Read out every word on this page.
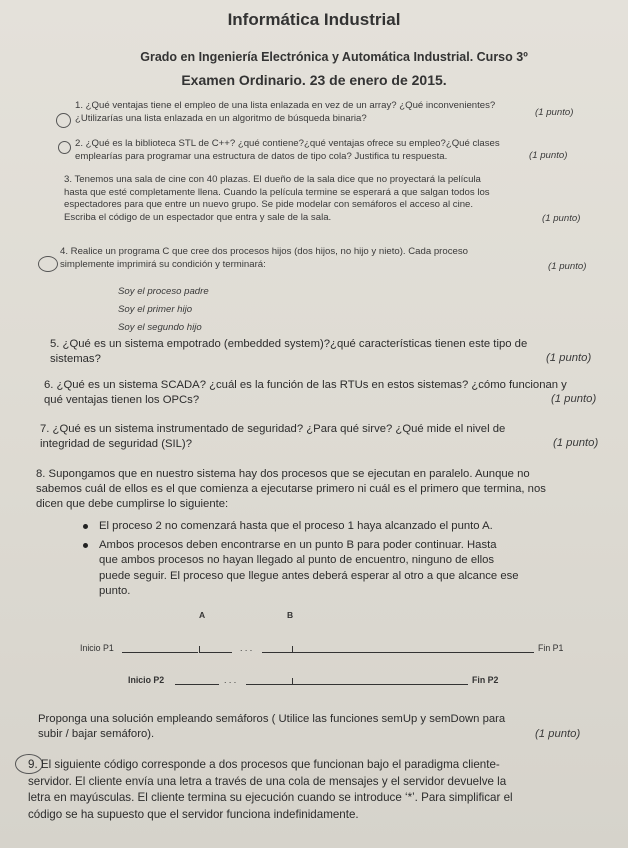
Informática Industrial
Grado en Ingeniería Electrónica y Automática Industrial. Curso 3º
Examen Ordinario. 23 de enero de 2015.
1. ¿Qué ventajas tiene el empleo de una lista enlazada en vez de un array? ¿Qué inconvenientes?
¿Utilizarías una lista enlazada en un algoritmo de búsqueda binaria?	(1 punto)
2. ¿Qué es la biblioteca STL de C++? ¿qué contiene?¿qué ventajas ofrece su empleo?¿Qué clases
emplearías para programar una estructura de datos de tipo cola? Justifica tu respuesta.	(1 punto)
3. Tenemos una sala de cine con 40 plazas. El dueño de la sala dice que no proyectará la película
hasta que esté completamente llena. Cuando la película termine se esperará a que salgan todos los
espectadores para que entre un nuevo grupo. Se pide modelar con semáforos el acceso al cine.
Escriba el código de un espectador que entra y sale de la sala.	(1 punto)
4. Realice un programa C que cree dos procesos hijos (dos hijos, no hijo y nieto). Cada proceso
simplemente imprimirá su condición y terminará:	(1 punto)
Soy el proceso padre
Soy el primer hijo
Soy el segundo hijo
5. ¿Qué es un sistema empotrado (embedded system)?¿qué características tienen este tipo de
sistemas?	(1 punto)
6. ¿Qué es un sistema SCADA? ¿cuál es la función de las RTUs en estos sistemas? ¿cómo funcionan y
qué ventajas tienen los OPCs?	(1 punto)
7. ¿Qué es un sistema instrumentado de seguridad? ¿Para qué sirve? ¿Qué mide el nivel de
integridad de seguridad (SIL)?	(1 punto)
8. Supongamos que en nuestro sistema hay dos procesos que se ejecutan en paralelo. Aunque no
sabemos cuál de ellos es el que comienza a ejecutarse primero ni cuál es el primero que termina, nos
dicen que debe cumplirse lo siguiente:
El proceso 2 no comenzará hasta que el proceso 1 haya alcanzado el punto A.
Ambos procesos deben encontrarse en un punto B para poder continuar. Hasta
que ambos procesos no hayan llegado al punto de encuentro, ninguno de ellos
puede seguir. El proceso que llegue antes deberá esperar al otro a que alcance ese
punto.
A	B
Inicio P1	. . .	Fin P1
Inicio P2	. . .	Fin P2
Proponga una solución empleando semáforos ( Utilice las funciones semUp y semDown para
subir / bajar semáforo).	(1 punto)
9. El siguiente código corresponde a dos procesos que funcionan bajo el paradigma cliente-
servidor. El cliente envía una letra a través de una cola de mensajes y el servidor devuelve la
letra en mayúsculas. El cliente termina su ejecución cuando se introduce ‘*’. Para simplificar el
código se ha supuesto que el servidor funciona indefinidamente.
